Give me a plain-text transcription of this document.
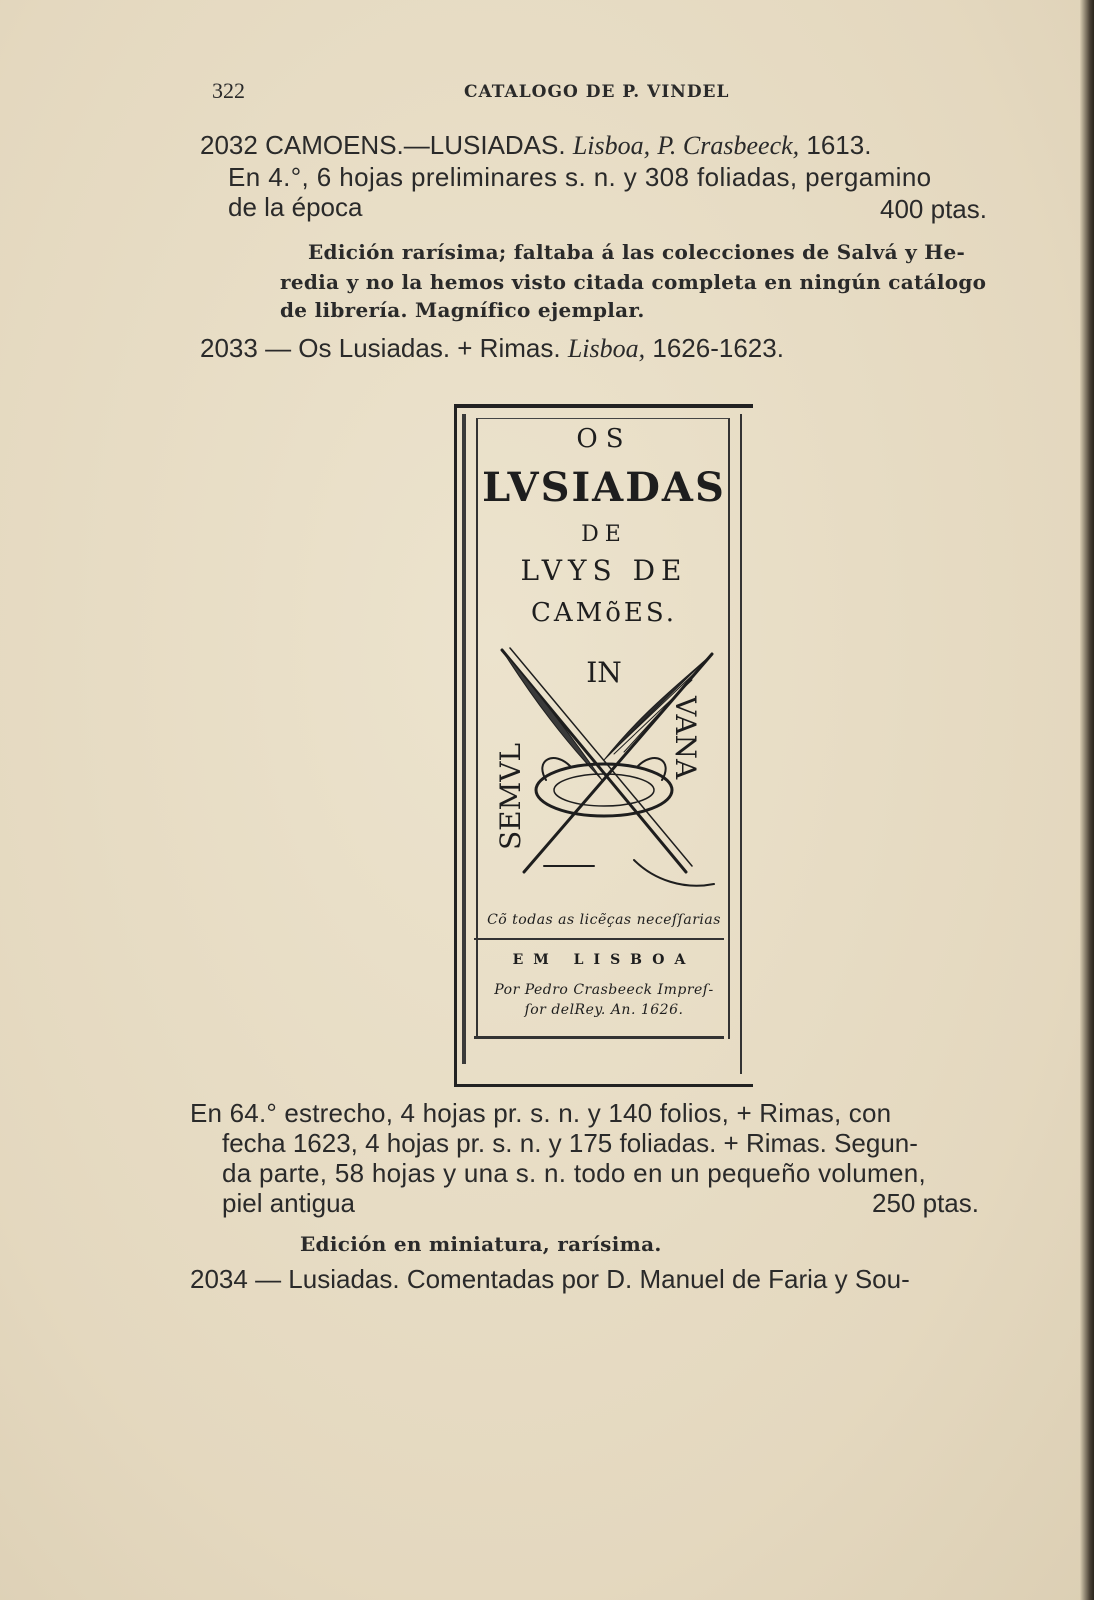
322	CATALOGO DE P. VINDEL
2032 CAMOENS.—LUSIADAS. Lisboa, P. Crasbeeck, 1613.
En 4.°, 6 hojas preliminares s. n. y 308 foliadas, pergamino
de la época	400 ptas.
Edición rarísima; faltaba á las colecciones de Salvá y He-
redia y no la hemos visto citada completa en ningún catálogo
de librería. Magnífico ejemplar.
2033 — Os Lusiadas. + Rimas. Lisboa, 1626-1623.
OS
LVSIADAS
DE
LVYS DE
CAMõES.
IN
SEMVL
VANA
Cõ todas as licẽças neceſſarias
EM LISBOA
Por Pedro Crasbeeck Impreſ-
ſor delRey. An. 1626.
En 64.° estrecho, 4 hojas pr. s. n. y 140 folios, + Rimas, con
fecha 1623, 4 hojas pr. s. n. y 175 foliadas. + Rimas. Segun-
da parte, 58 hojas y una s. n. todo en un pequeño volumen,
piel antigua	250 ptas.
Edición en miniatura, rarísima.
2034 — Lusiadas. Comentadas por D. Manuel de Faria y Sou-
